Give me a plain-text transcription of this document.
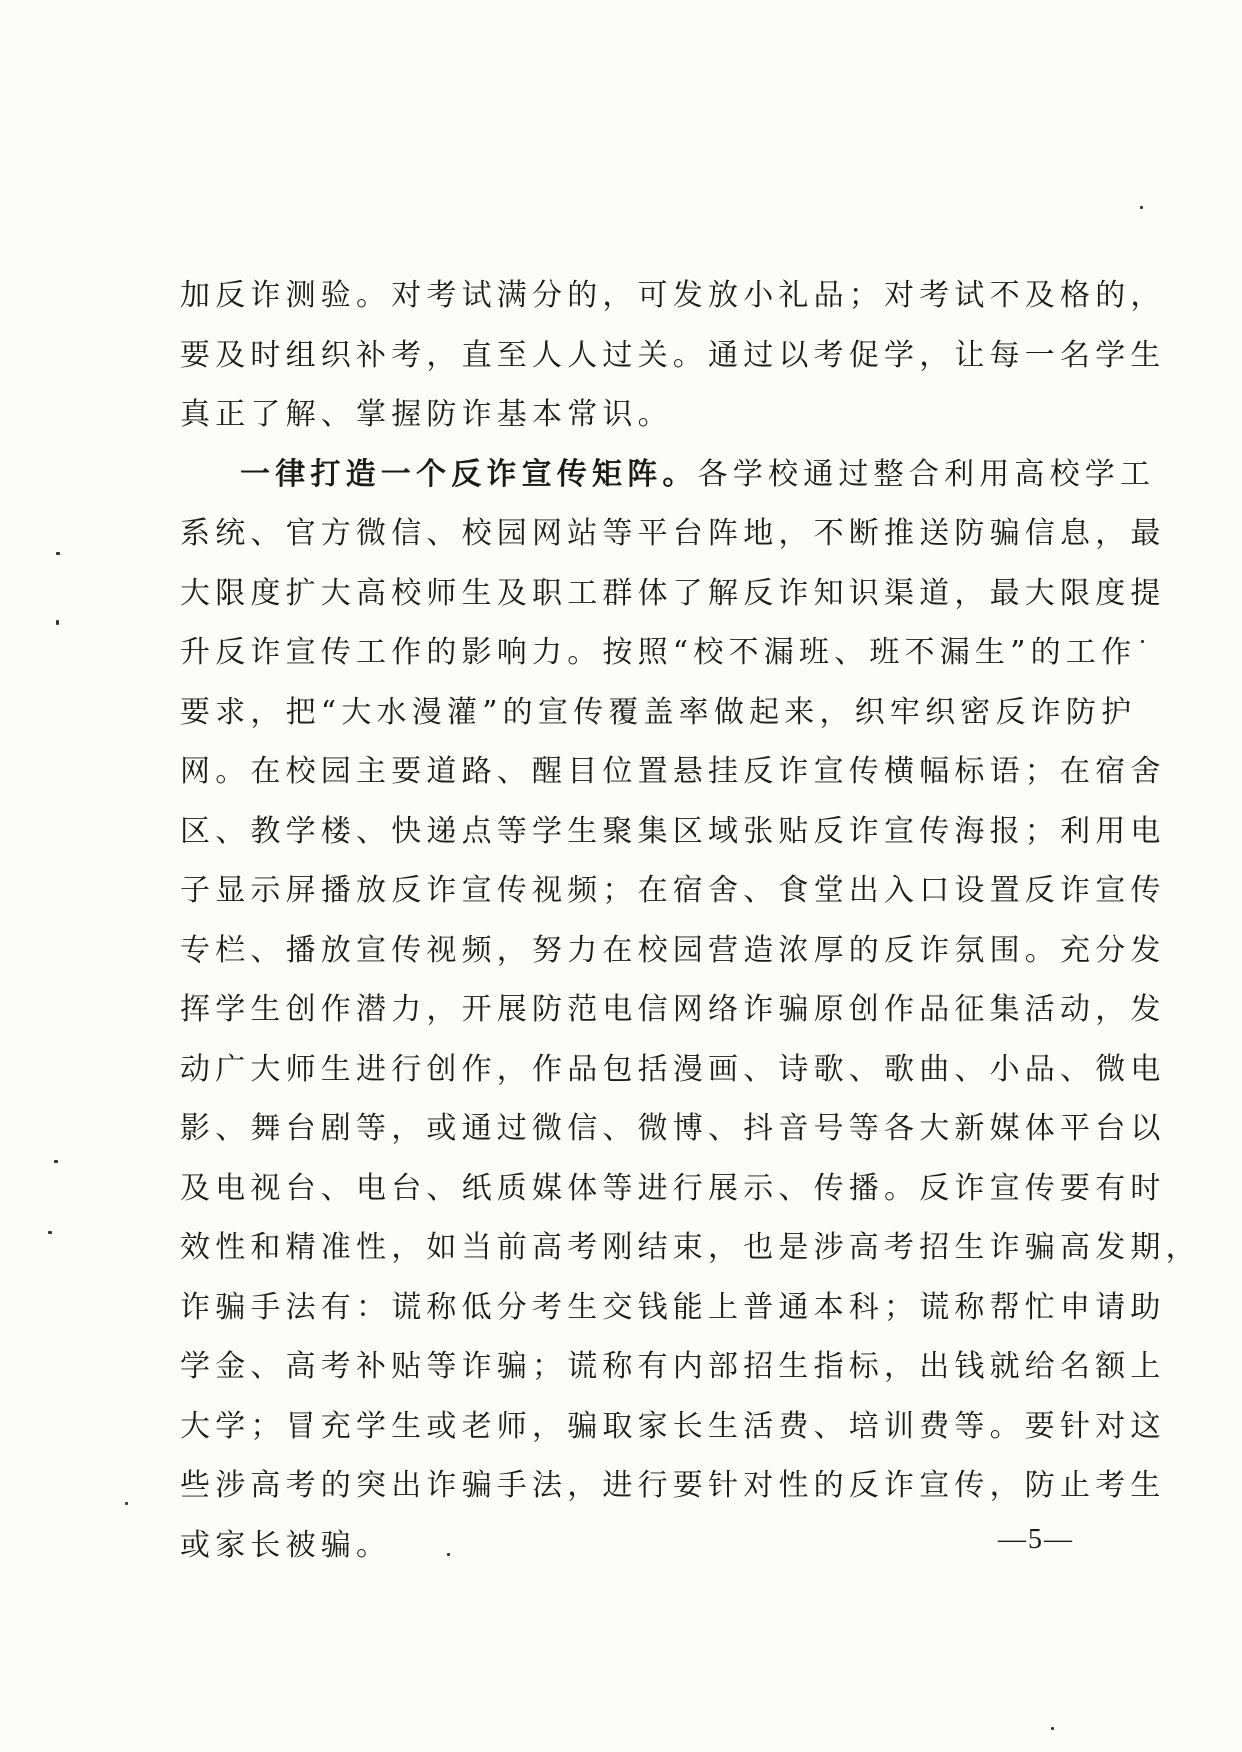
加反诈测验。对考试满分的，可发放小礼品；对考试不及格的，
要及时组织补考，直至人人过关。通过以考促学，让每一名学生
真正了解、掌握防诈基本常识。
一律打造一个反诈宣传矩阵。各学校通过整合利用高校学工
系统、官方微信、校园网站等平台阵地，不断推送防骗信息，最
大限度扩大高校师生及职工群体了解反诈知识渠道，最大限度提
升反诈宣传工作的影响力。按照“校不漏班、班不漏生”的工作
要求，把“大水漫灌”的宣传覆盖率做起来，织牢织密反诈防护
网。在校园主要道路、醒目位置悬挂反诈宣传横幅标语；在宿舍
区、教学楼、快递点等学生聚集区域张贴反诈宣传海报；利用电
子显示屏播放反诈宣传视频；在宿舍、食堂出入口设置反诈宣传
专栏、播放宣传视频，努力在校园营造浓厚的反诈氛围。充分发
挥学生创作潜力，开展防范电信网络诈骗原创作品征集活动，发
动广大师生进行创作，作品包括漫画、诗歌、歌曲、小品、微电
影、舞台剧等，或通过微信、微博、抖音号等各大新媒体平台以
及电视台、电台、纸质媒体等进行展示、传播。反诈宣传要有时
效性和精准性，如当前高考刚结束，也是涉高考招生诈骗高发期，
诈骗手法有：谎称低分考生交钱能上普通本科；谎称帮忙申请助
学金、高考补贴等诈骗；谎称有内部招生指标，出钱就给名额上
大学；冒充学生或老师，骗取家长生活费、培训费等。要针对这
些涉高考的突出诈骗手法，进行要针对性的反诈宣传，防止考生
或家长被骗。	—5—
